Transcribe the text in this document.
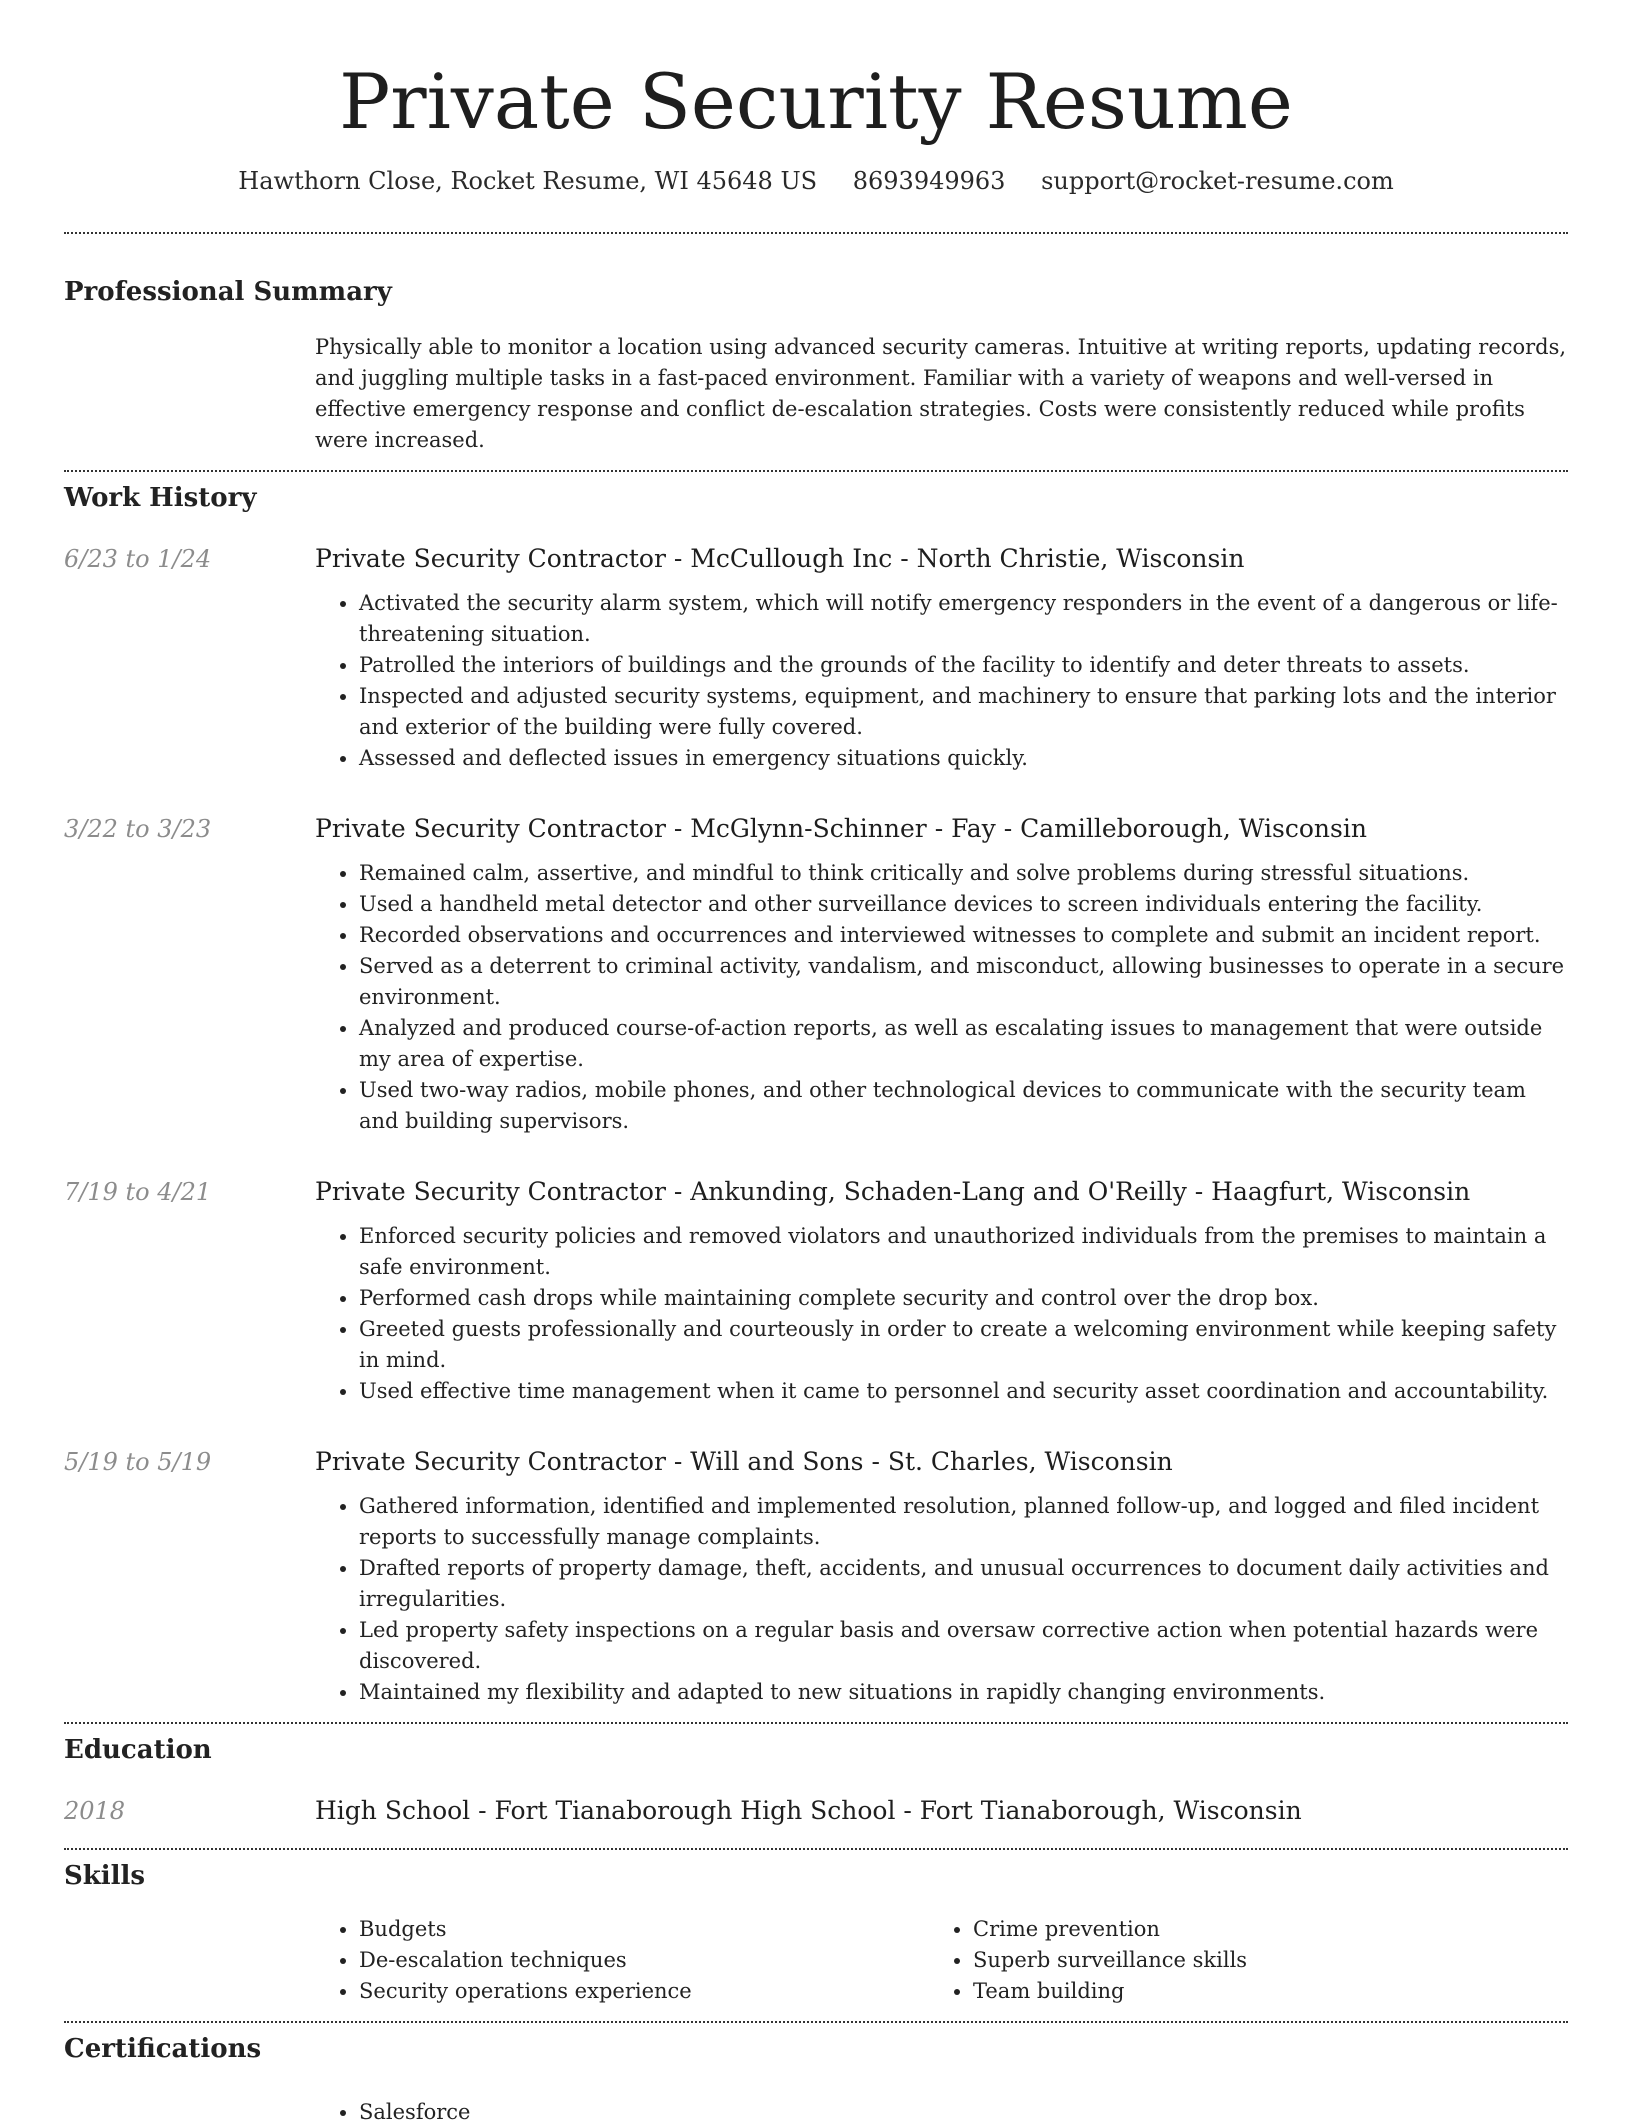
Private Security Resume
Hawthorn Close, Rocket Resume, WI 45648 US 8693949963 support@rocket-resume.com
Professional Summary

Physically able to monitor a location using advanced security cameras. Intuitive at writing reports, updating records, and juggling multiple tasks in a fast-paced environment. Familiar with a variety of weapons and well-versed in effective emergency response and conflict de-escalation strategies. Costs were consistently reduced while profits were increased.

Work History
6/23 to 1/24	Private Security Contractor - McCullough Inc - North Christie, Wisconsin
• Activated the security alarm system, which will notify emergency responders in the event of a dangerous or life-threatening situation.
• Patrolled the interiors of buildings and the grounds of the facility to identify and deter threats to assets.
• Inspected and adjusted security systems, equipment, and machinery to ensure that parking lots and the interior and exterior of the building were fully covered.
• Assessed and deflected issues in emergency situations quickly.
3/22 to 3/23	Private Security Contractor - McGlynn-Schinner - Fay - Camilleborough, Wisconsin
• Remained calm, assertive, and mindful to think critically and solve problems during stressful situations.
• Used a handheld metal detector and other surveillance devices to screen individuals entering the facility.
• Recorded observations and occurrences and interviewed witnesses to complete and submit an incident report.
• Served as a deterrent to criminal activity, vandalism, and misconduct, allowing businesses to operate in a secure environment.
• Analyzed and produced course-of-action reports, as well as escalating issues to management that were outside my area of expertise.
• Used two-way radios, mobile phones, and other technological devices to communicate with the security team and building supervisors.
7/19 to 4/21	Private Security Contractor - Ankunding, Schaden-Lang and O'Reilly - Haagfurt, Wisconsin
• Enforced security policies and removed violators and unauthorized individuals from the premises to maintain a safe environment.
• Performed cash drops while maintaining complete security and control over the drop box.
• Greeted guests professionally and courteously in order to create a welcoming environment while keeping safety in mind.
• Used effective time management when it came to personnel and security asset coordination and accountability.
5/19 to 5/19	Private Security Contractor - Will and Sons - St. Charles, Wisconsin
• Gathered information, identified and implemented resolution, planned follow-up, and logged and filed incident reports to successfully manage complaints.
• Drafted reports of property damage, theft, accidents, and unusual occurrences to document daily activities and irregularities.
• Led property safety inspections on a regular basis and oversaw corrective action when potential hazards were discovered.
• Maintained my flexibility and adapted to new situations in rapidly changing environments.
Education
2018	High School - Fort Tianaborough High School - Fort Tianaborough, Wisconsin
Skills
• Budgets
• De-escalation techniques
• Security operations experience
• Crime prevention
• Superb surveillance skills
• Team building
Certifications
• Salesforce
